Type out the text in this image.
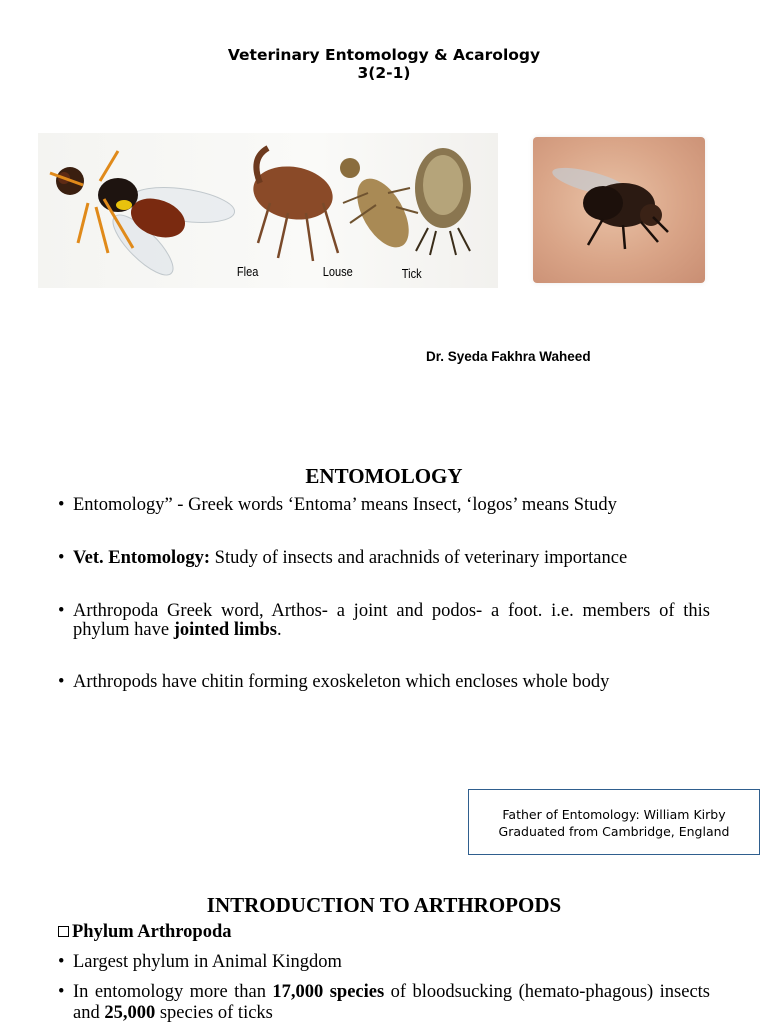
Veterinary Entomology & Acarology
3(2-1)
Flea	Louse	Tick
Dr. Syeda Fakhra Waheed
ENTOMOLOGY
• Entomology” - Greek words ‘Entoma’ means Insect, ‘logos’ means Study
• Vet. Entomology: Study of insects and arachnids of veterinary importance
• Arthropoda Greek word, Arthos- a joint and podos- a foot. i.e. members of this phylum have jointed limbs.
• Arthropods have chitin forming exoskeleton which encloses whole body
Father of Entomology: William Kirby
Graduated from Cambridge, England
INTRODUCTION TO ARTHROPODS
Phylum Arthropoda
• Largest phylum in Animal Kingdom
• In entomology more than 17,000 species of bloodsucking (hemato-phagous) insects and 25,000 species of ticks
